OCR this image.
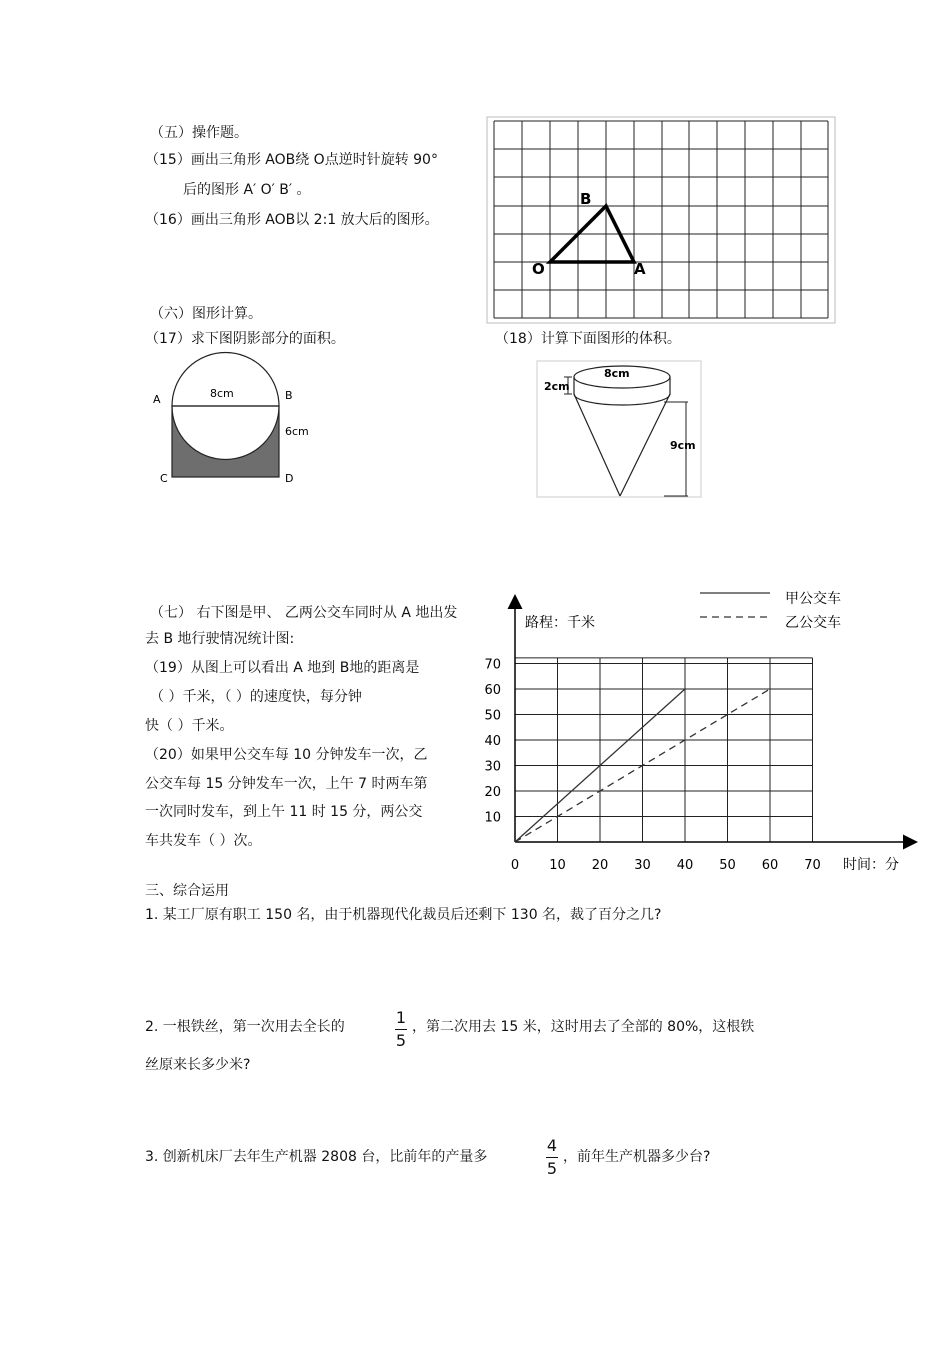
（五）操作题。
（15）画出三角形 AOB绕 O点逆时针旋转 90°
后的图形 A′ O′ B′ 。
（16）画出三角形 AOB以 2:1 放大后的图形。
B
O	A
（六）图形计算。
（17）求下图阴影部分的面积。	（18）计算下面图形的体积。
8cm
A	B
6cm
C	D
8cm
2cm
9cm
（七） 右下图是甲、 乙两公交车同时从 A 地出发
去 B 地行驶情况统计图:
（19）从图上可以看出 A 地到 B地的距离是
（ ）千米，（ ）的速度快，每分钟
快（ ）千米。
（20）如果甲公交车每 10 分钟发车一次，乙
公交车每 15 分钟发车一次，上午 7 时两车第
一次同时发车，到上午 11 时 15 分，两公交
车共发车（ ）次。
0 10 20 30 40 50 60 70
10
20
30
40
50
60
70
路程：千米
时间：分
甲公交车
乙公交车
三、综合运用
1. 某工厂原有职工 150 名，由于机器现代化裁员后还剩下 130 名，裁了百分之几?
2. 一根铁丝，第一次用去全长的	1
5
，第二次用去 15 米，这时用去了全部的 80%，这根铁
丝原来长多少米?
3. 创新机床厂去年生产机器 2808 台，比前年的产量多
4
5
，前年生产机器多少台?
